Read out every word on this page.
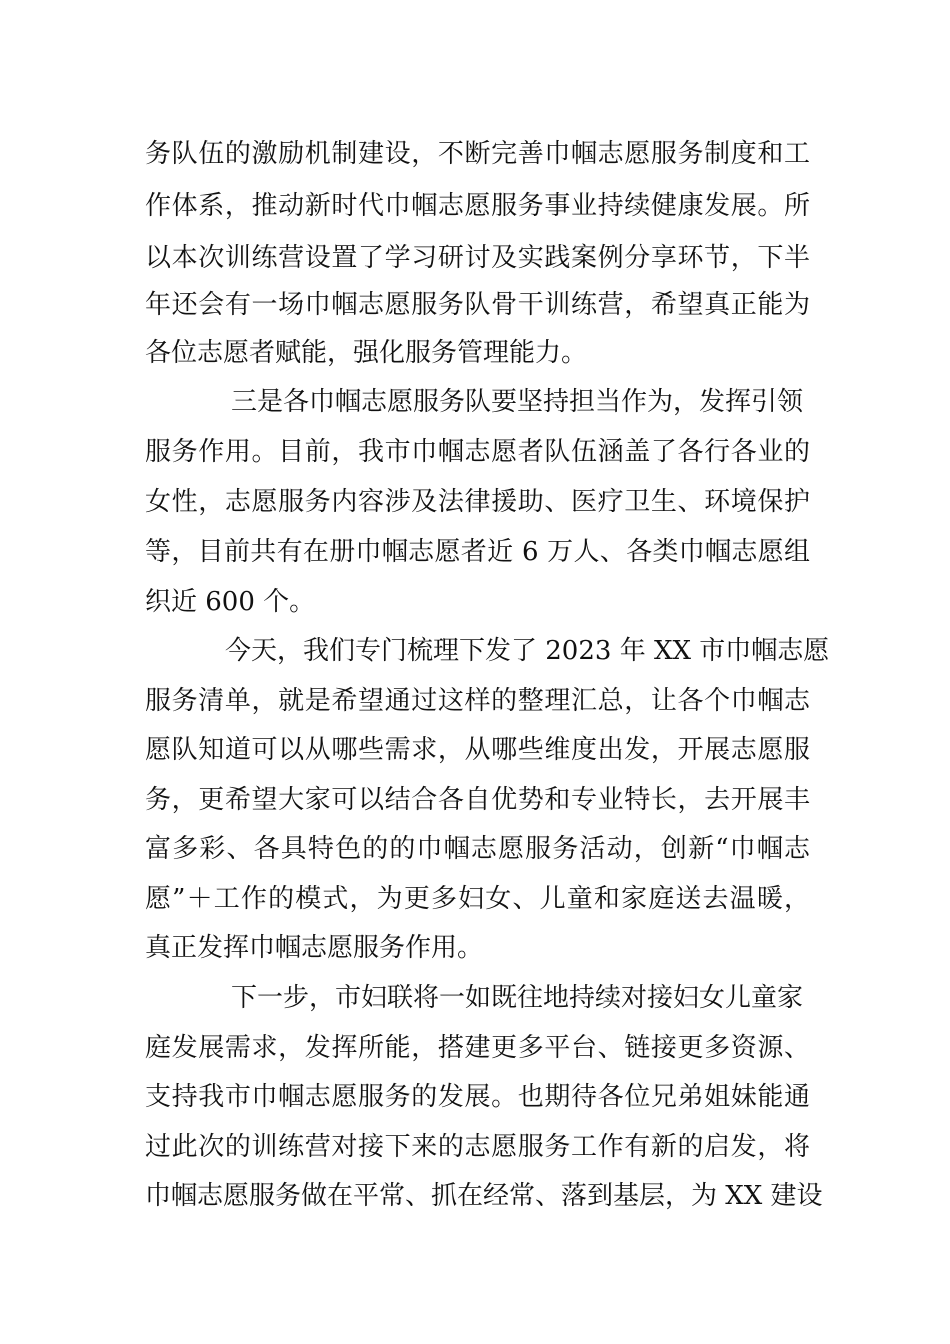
务队伍的激励机制建设，不断完善巾帼志愿服务制度和工
作体系，推动新时代巾帼志愿服务事业持续健康发展。所
以本次训练营设置了学习研讨及实践案例分享环节，下半
年还会有一场巾帼志愿服务队骨干训练营，希望真正能为
各位志愿者赋能，强化服务管理能力。
三是各巾帼志愿服务队要坚持担当作为，发挥引领
服务作用。目前，我市巾帼志愿者队伍涵盖了各行各业的
女性，志愿服务内容涉及法律援助、医疗卫生、环境保护
等，目前共有在册巾帼志愿者近 6 万人、各类巾帼志愿组
织近 600 个。
今天，我们专门梳理下发了 2023 年 XX 市巾帼志愿
服务清单，就是希望通过这样的整理汇总，让各个巾帼志
愿队知道可以从哪些需求，从哪些维度出发，开展志愿服
务，更希望大家可以结合各自优势和专业特长，去开展丰
富多彩、各具特色的的巾帼志愿服务活动，创新“巾帼志
愿”＋工作的模式，为更多妇女、儿童和家庭送去温暖，
真正发挥巾帼志愿服务作用。
下一步，市妇联将一如既往地持续对接妇女儿童家
庭发展需求，发挥所能，搭建更多平台、链接更多资源、
支持我市巾帼志愿服务的发展。也期待各位兄弟姐妹能通
过此次的训练营对接下来的志愿服务工作有新的启发，将
巾帼志愿服务做在平常、抓在经常、落到基层，为 XX 建设
